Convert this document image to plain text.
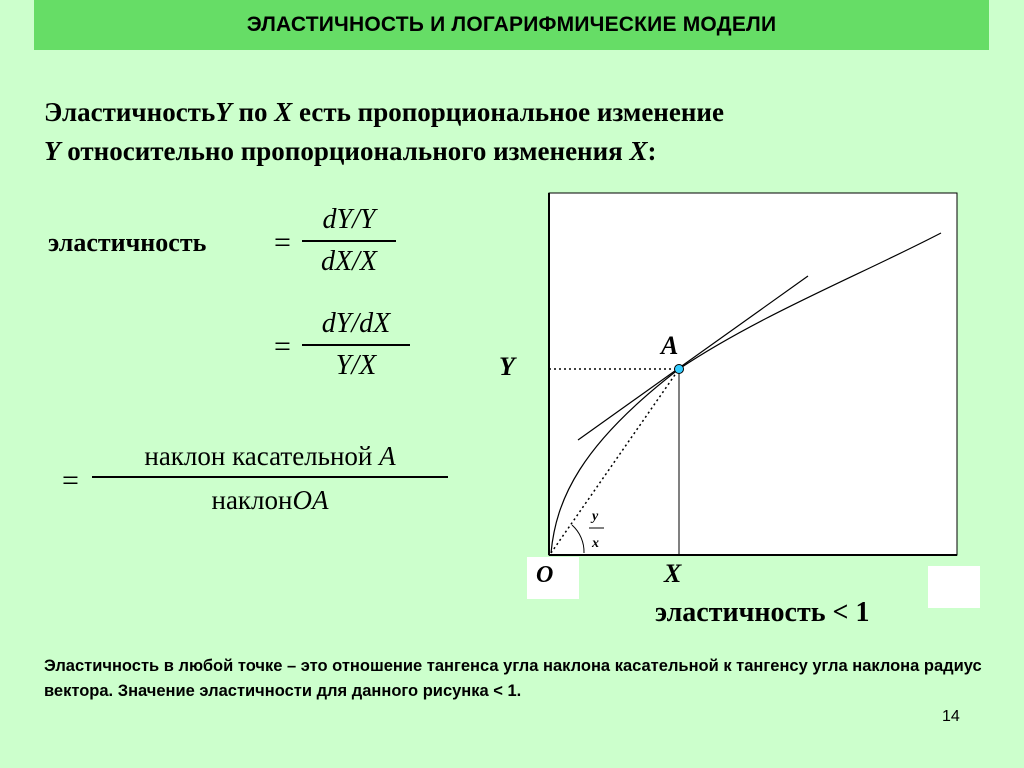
ЭЛАСТИЧНОСТЬ И ЛОГАРИФМИЧЕСКИЕ МОДЕЛИ
ЭластичностьY по X есть пропорциональное изменение
Y относительно пропорционального изменения X:
эластичность =
dY/Y
dX/X
=
dY/dX
Y/X
=
наклон касательной A
наклонOA
A
Y
X
O
y
x
эластичность < 1
Эластичность в любой точке – это отношение тангенса угла наклона касательной к тангенсу угла наклона радиус вектора. Значение эластичности для данного рисунка < 1.
14
